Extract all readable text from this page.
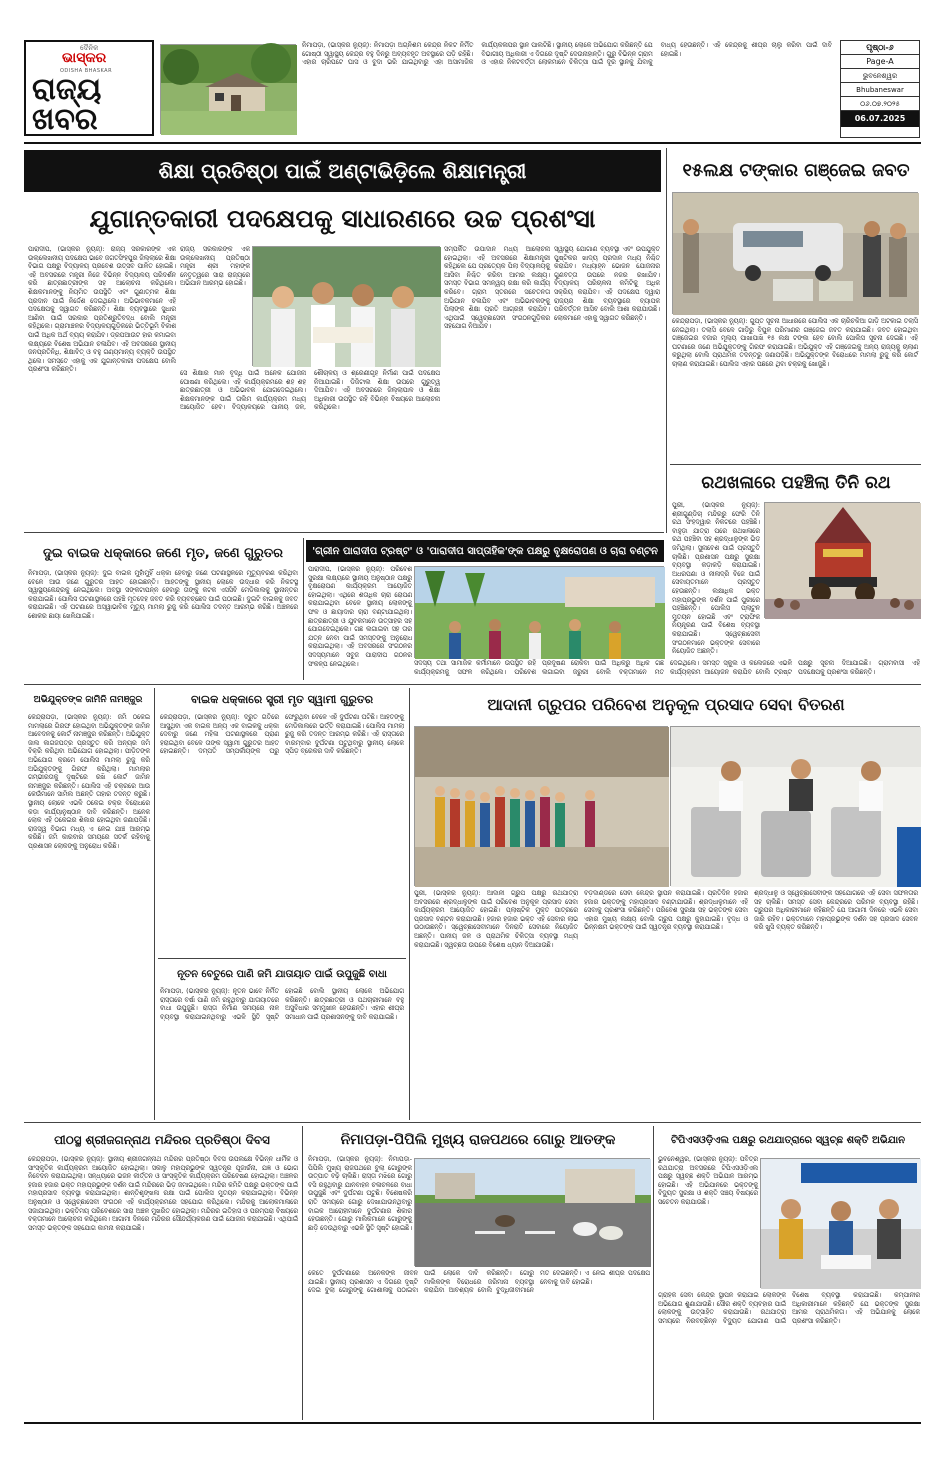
ଦୈନିକ
ଭାସ୍କର
ODISHA BHASKAR
ରାଜ୍ୟ
ଖବର
ନିମାପଡ଼ା, (ଭାସ୍କର ନ୍ୟୁଜ୍): ନିମାପଡ଼ା ଅଗ୍ନିଶମ କେନ୍ଦ୍ର ନିକଟ ନିର୍ମିତ ଗୋଷ୍ଠୀ ସ୍ୱାସ୍ଥ୍ୟ କେନ୍ଦ୍ର ବହୁ ଦିନରୁ ଅବ୍ୟବହୃତ ଅବସ୍ଥାରେ ପଡ଼ି ରହିଛି। ଏହାର ଚାରିପଟେ ଘାସ ଓ ବୁଦା ଭରି ଯାଇଥିବାରୁ ଏହା ଅସାମାଜିକ କାର୍ଯ୍ୟକଳାପର ସ୍ଥାନ ପାଲଟିଛି। ସ୍ଥାନୀୟ ଲୋକେ ଅଭିଯୋଗ କରିଛନ୍ତି ଯେ ବିଭାଗୀୟ ଅଧିକାରୀ ଏ ଦିଗରେ ଦୃଷ୍ଟି ଦେଉନାହାନ୍ତି। ଗୁରୁ ବିଭିନ୍ନ ଗ୍ରାମ ଓ ଏହାର ନିକଟବର୍ତ୍ତୀ ଲୋକମାନେ ଚିକିତ୍ସା ପାଇଁ ଦୂର ସ୍ଥାନକୁ ଯିବାକୁ ବାଧ୍ୟ ହେଉଛନ୍ତି। ଏହି କେନ୍ଦ୍ରକୁ ଶୀଘ୍ର ଚାଲୁ କରିବା ପାଇଁ ଦାବି ହୋଇଛି।
ପୃଷ୍ଠା-୬
Page-A
ଭୁବନେଶ୍ୱର
Bhubaneswar
୦୬.୦୭.୨୦୨୫
06.07.2025
ଶିକ୍ଷା ପ୍ରତିଷ୍ଠା ପାଇଁ ଅଣ୍ଟାଭିଡ଼ିଲେ ଶିକ୍ଷାମନ୍ତ୍ରୀ
ଯୁଗାନ୍ତକାରୀ ପଦକ୍ଷେପକୁ ସାଧାରଣରେ ଉଚ୍ଚ ପ୍ରଶଂସା
ପାରାଦୀପ, (ଭାସ୍କର ନ୍ୟୁଜ୍): ରାଜ୍ୟ ସରକାରଙ୍କ ଏକ ଉଲ୍ଲେଖନୀୟ ପଦକ୍ଷେପ ଭାବେ ଜଗତସିଂହପୁର ଜିଲ୍ଲାରେ ଶିକ୍ଷା ବିଭାଗ ପକ୍ଷରୁ ବିଦ୍ୟାଳୟ ପ୍ରବେଶ ଉତ୍ସବ ପାଳିତ ହୋଇଛି। ଏହି ଅବସରରେ ମନ୍ତ୍ରୀ ନିଜେ ବିଭିନ୍ନ ବିଦ୍ୟାଳୟ ପରିଦର୍ଶନ କରି ଛାତ୍ରଛାତ୍ରୀଙ୍କ ସହ ଆଲୋଚନା କରିଥିଲେ। ଶିକ୍ଷକମାନଙ୍କୁ ନିୟମିତ ଉପସ୍ଥିତି ଏବଂ ଗୁଣାତ୍ମକ ଶିକ୍ଷା ପ୍ରଦାନ ପାଇଁ ନିର୍ଦ୍ଦେଶ ଦେଇଥିଲେ। ଅଭିଭାବକମାନେ ଏହି ପଦକ୍ଷେପକୁ ସ୍ୱାଗତ କରିଛନ୍ତି। ଶିକ୍ଷା ବ୍ୟବସ୍ଥାରେ ସୁଧାର ଆଣିବା ପାଇଁ ସରକାର ପ୍ରତିଶ୍ରୁତିବଦ୍ଧ ବୋଲି ମନ୍ତ୍ରୀ କହିଥିଲେ। ଗ୍ରାମାଞ୍ଚଳର ବିଦ୍ୟାଳୟଗୁଡ଼ିକରେ ଭିତ୍ତିଭୂମି ବିକାଶ ପାଇଁ ଅଧିକ ଅର୍ଥ ବ୍ୟୟ କରାଯିବ। ଡ୍ରପଆଉଟ ହାର କମାଇବା ଲକ୍ଷ୍ୟରେ ବିଶେଷ ଅଭିଯାନ ଚଳାଯିବ। ଏହି ଅବସରରେ ସ୍ଥାନୀୟ ଜନପ୍ରତିନିଧି, ଶିକ୍ଷାବିତ୍ ଓ ବହୁ ଗଣ୍ୟମାନ୍ୟ ବ୍ୟକ୍ତି ଉପସ୍ଥିତ ଥିଲେ। ସମସ୍ତେ ଏହାକୁ ଏକ ଯୁଗାନ୍ତକାରୀ ପଦକ୍ଷେପ ବୋଲି ପ୍ରଶଂସା କରିଛନ୍ତି।
ରାଜ୍ୟ ସରକାରଙ୍କ ଏକ ଉଲ୍ଲେଖନୀୟ ପ୍ରତିଷ୍ଠା ମନ୍ତ୍ରୀ ଶ୍ରୀ ମହାଙ୍କ ନେତୃତ୍ୱରେ ସାରା ରାଜ୍ୟରେ ଅଭିଯାନ ଆରମ୍ଭ ହୋଇଛି।
ସେ ଶିକ୍ଷାର ମାନ ବୃଦ୍ଧି ପାଇଁ ଅନେକ ଯୋଜନା ଘୋଷଣା କରିଥିଲେ। ଏହି କାର୍ଯ୍ୟକ୍ରମରେ ଶହ ଶହ ଛାତ୍ରଛାତ୍ରୀ ଓ ଅଭିଭାବକ ଯୋଗଦେଇଥିଲେ। ଶିକ୍ଷକମାନଙ୍କ ପାଇଁ ତାଲିମ କାର୍ଯ୍ୟକ୍ରମ ମଧ୍ୟ ଆୟୋଜିତ ହେବ। ବିଦ୍ୟାଳୟରେ ପାନୀୟ ଜଳ, ଶୌଚାଳୟ ଓ ଶ୍ରେଣୀଗୃହ ନିର୍ମାଣ ପାଇଁ ପଦକ୍ଷେପ ନିଆଯାଇଛି। ଡିଜିଟାଲ ଶିକ୍ଷା ଉପରେ ଗୁରୁତ୍ୱ ଦିଆଯିବ। ଏହି ଅବସରରେ ଜିଲ୍ଲାପାଳ ଓ ଶିକ୍ଷା ଅଧିକାରୀ ଉପସ୍ଥିତ ରହି ବିଭିନ୍ନ ବିଷୟରେ ଆଲୋଚନା କରିଥିଲେ।
ସମ୍ପର୍କିତ ଉପାଦାନ ମଧ୍ୟ ଆଲୋଚନା ହୋଇଥିଲା। ଏହି ଅବସରରେ ଶିକ୍ଷାମନ୍ତ୍ରୀ କହିଥିଲେ ଯେ ପ୍ରତ୍ୟେକ ପିଲା ବିଦ୍ୟାଳୟକୁ ଆସିବା ନିଶ୍ଚିତ କରିବା ଆମର ଲକ୍ଷ୍ୟ। ସମସ୍ତ ବିଭାଗ ସମନ୍ୱୟ ରକ୍ଷା କରି କାର୍ଯ୍ୟ କରିବେ। ଗ୍ରାମ ସ୍ତରରେ ସଚେତନତା ଅଭିଯାନ ଚଳାଯିବ ଏବଂ ଅଭିଭାବକଙ୍କୁ ପିଲାଙ୍କ ଶିକ୍ଷା ପ୍ରତି ଆଗ୍ରହୀ କରାଯିବ। ଏଥିପାଇଁ ସ୍ୱେଚ୍ଛାସେବୀ ସଂଗଠନଗୁଡ଼ିକର ସହଯୋଗ ନିଆଯିବ।
ସ୍ୱାସ୍ଥ୍ୟ ଯୋଗାଣ ବ୍ୟବସ୍ଥା ଏବଂ ଉପଯୁକ୍ତ ପୁଷ୍ଟିକର ଖାଦ୍ୟ ପ୍ରଦାନ ମଧ୍ୟ ନିଶ୍ଚିତ କରାଯିବ। ମଧ୍ୟାହ୍ନ ଭୋଜନ ଯୋଜନାର ଗୁଣବତ୍ତା ଉପରେ ନଜର ରଖାଯିବ। ବିଦ୍ୟାଳୟ ପରିଚାଳନା କମିଟିକୁ ଅଧିକ ସକ୍ରିୟ କରାଯିବ। ଏହି ପଦକ୍ଷେପ ଦ୍ୱାରା ରାଜ୍ୟର ଶିକ୍ଷା ବ୍ୟବସ୍ଥାରେ ବ୍ୟାପକ ପରିବର୍ତ୍ତନ ଆସିବ ବୋଲି ଆଶା କରାଯାଉଛି। ଲୋକମାନେ ଏହାକୁ ସ୍ୱାଗତ କରିଛନ୍ତି।
୧୫ଲକ୍ଷ ଟଙ୍କାର ଗଞ୍ଜେଇ ଜବତ
କେନ୍ଦ୍ରାପଡ଼ା, (ଭାସ୍କର ନ୍ୟୁଜ୍): ଗୁପ୍ତ ସୂଚନା ଆଧାରରେ ପୋଲିସ ଏକ ଚାରିଚକିଆ ଗାଡ଼ି ଅଟକାଇ ତଲାସି ନେଇଥିଲା। ତଲାସି ବେଳେ ଗାଡ଼ିରୁ ବିପୁଳ ପରିମାଣର ଗଞ୍ଜେଇ ଜବତ କରାଯାଇଛି। ଜବତ ହୋଇଥିବା ଗଞ୍ଜେଇର ବଜାର ମୂଲ୍ୟ ପାଖାପାଖି ୧୫ ଲକ୍ଷ ଟଙ୍କା ହେବ ବୋଲି ପୋଲିସ ସୂଚନା ଦେଇଛି। ଏହି ଘଟଣାରେ ଜଣେ ଅଭିଯୁକ୍ତଙ୍କୁ ଗିରଫ କରାଯାଇଛି। ଅଭିଯୁକ୍ତ ଏହି ଗଞ୍ଜେଇକୁ ଅନ୍ୟ ରାଜ୍ୟକୁ ଚାଲାଣ କରୁଥିଲା ବୋଲି ପ୍ରାଥମିକ ତଦନ୍ତରୁ ଜଣାପଡ଼ିଛି। ଅଭିଯୁକ୍ତଙ୍କ ବିରୋଧରେ ମାମଲା ରୁଜୁ କରି କୋର୍ଟ ଚାଲାଣ କରାଯାଇଛି। ପୋଲିସ ଏହାର ପଛରେ ଥିବା ଚକ୍ରକୁ ଖୋଜୁଛି।
ରଥଖଳାରେ ପହଞ୍ଚିଲା ତିନି ରଥ
ପୁରୀ, (ଭାସ୍କର ନ୍ୟୁଜ୍): ଶ୍ରୀଗୁଣ୍ଡିଚା ମନ୍ଦିରରୁ ଫେରି ତିନି ରଥ ସିଂହଦ୍ୱାର ନିକଟରେ ପହଞ୍ଚିଛି। ବାହୁଡ଼ା ଯାତ୍ରା ପରେ ରଥଖଳାରେ ରଥ ପହଞ୍ଚିବା ସହ ଶ୍ରଦ୍ଧାଳୁଙ୍କ ଭିଡ଼ ଜମିଥିଲା। ସୁନାବେଶ ପାଇଁ ପ୍ରସ୍ତୁତି ଚାଲିଛି। ପ୍ରଶାସନ ପକ୍ଷରୁ ସୁରକ୍ଷା ବ୍ୟବସ୍ଥା କଡ଼ାକଡ଼ି କରାଯାଇଛି। ଅଧରପଣା ଓ ନୀଳାଦ୍ରି ବିଜେ ପାଇଁ ସେବାୟତମାନେ ପ୍ରସ୍ତୁତ ହେଉଛନ୍ତି। ଲକ୍ଷାଧିକ ଭକ୍ତ ମହାପ୍ରଭୁଙ୍କ ଦର୍ଶନ ପାଇଁ ପୁରୀରେ ପହଞ୍ଚିଛନ୍ତି। ପୋଲିସ ପ୍ଲାଟୁନ ମୁତୟନ ହୋଇଛି ଏବଂ ଟ୍ରାଫିକ ନିୟନ୍ତ୍ରଣ ପାଇଁ ବିଶେଷ ବ୍ୟବସ୍ଥା କରାଯାଇଛି। ସ୍ୱେଚ୍ଛାସେବୀ ସଂଗଠନମାନେ ଭକ୍ତଙ୍କ ସେବାରେ ନିୟୋଜିତ ଅଛନ୍ତି।
ଦୁଇ ବାଇକ ଧକ୍କାରେ ଜଣେ ମୃତ, ଜଣେ ଗୁରୁତର
ନିମାପଡ଼ା, (ଭାସ୍କର ନ୍ୟୁଜ୍): ଦୁଇ ବାଇକ ମୁହାଁମୁହିଁ ଧକ୍କା ହେବାରୁ ଜଣେ ଘଟଣାସ୍ଥଳରେ ମୃତ୍ୟୁବରଣ କରିଥିବା ବେଳେ ଆଉ ଜଣେ ଗୁରୁତର ଆହତ ହୋଇଛନ୍ତି। ଆହତଙ୍କୁ ସ୍ଥାନୀୟ ଲୋକେ ଉଦ୍ଧାର କରି ନିକଟସ୍ଥ ସ୍ୱାସ୍ଥ୍ୟକେନ୍ଦ୍ରକୁ ନେଇଥିଲେ। ଅବସ୍ଥା ସଙ୍କଟାପନ୍ନ ହେବାରୁ ତାଙ୍କୁ କଟକ ଏସସିବି ମେଡିକାଲକୁ ସ୍ଥାନାନ୍ତର କରାଯାଇଛି। ପୋଲିସ ଘଟଣାସ୍ଥଳରେ ପହଞ୍ଚି ମୃତଦେହ ଜବତ କରି ବ୍ୟବଚ୍ଛେଦ ପାଇଁ ପଠାଇଛି। ଦୁଇଟି ବାଇକକୁ ଜବତ କରାଯାଇଛି। ଏହି ଘଟଣାରେ ଅସ୍ୱାଭାବିକ ମୃତ୍ୟୁ ମାମଲା ରୁଜୁ କରି ପୋଲିସ ତଦନ୍ତ ଆରମ୍ଭ କରିଛି। ଅଞ୍ଚଳରେ ଶୋକର ଛାୟା ଖେଳିଯାଇଛି।
'ଗ୍ରୀନ ପାରାଦୀପ ଟ୍ରଷ୍ଟ' ଓ 'ପାରାଦୀପ ସାପ୍ତାହିକ'ଙ୍କ ପକ୍ଷରୁ ବୃକ୍ଷରୋପଣ ଓ ଚାରା ବଣ୍ଟନ
ପାରାଦୀପ, (ଭାସ୍କର ନ୍ୟୁଜ୍): ପରିବେଶ ସୁରକ୍ଷା ଲକ୍ଷ୍ୟରେ ସ୍ଥାନୀୟ ଅନୁଷ୍ଠାନ ପକ୍ଷରୁ ବୃକ୍ଷରୋପଣ କାର୍ଯ୍ୟକ୍ରମ ଆୟୋଜିତ ହୋଇଥିଲା। ଏଥିରେ ଶତାଧିକ ଚାରା ରୋପଣ କରାଯାଇଥିବା ବେଳେ ସ୍ଥାନୀୟ ଲୋକଙ୍କୁ ଫଳ ଓ ଛାୟାଦାର ଚାରା ବଣ୍ଟାଯାଇଥିଲା। ଛାତ୍ରଛାତ୍ରୀ ଓ ଯୁବକମାନେ ଉତ୍ସାହର ସହ ଯୋଗଦେଇଥିଲେ। ଗଛ ଲଗାଇବା ସହ ତାର ଯତ୍ନ ନେବା ପାଇଁ ସମସ୍ତଙ୍କୁ ଅନୁରୋଧ କରାଯାଇଥିଲା। ଏହି ଅବସରରେ ସଂଗଠନର ସଦସ୍ୟମାନେ ସବୁଜ ପାରାଦୀପ ଗଠନର ସଂକଳ୍ପ ନେଇଥିଲେ।	ସଦସ୍ୟ ତଥା ସାମାଜିକ କର୍ମୀମାନେ ଉପସ୍ଥିତ ରହି କାର୍ଯ୍ୟକ୍ରମକୁ ସଫଳ କରିଥିଲେ। ପରିବେଶ ପ୍ରଦୂଷଣ ରୋକିବା ପାଇଁ ଅଧିକରୁ ଅଧିକ ଗଛ ଲଗାଇବା ଜରୁରୀ ବୋଲି ବକ୍ତାମାନେ ମତ ଦେଇଥିଲେ। ସମସ୍ତ ସ୍କୁଲ ଓ କଲେଜରେ ଏଭଳି କାର୍ଯ୍ୟକ୍ରମ ଆୟୋଜନ କରାଯିବ ବୋଲି ଟ୍ରଷ୍ଟ ପକ୍ଷରୁ ସୂଚନା ଦିଆଯାଇଛି। ଗ୍ରାମବାସୀ ଏହି ପଦକ୍ଷେପକୁ ପ୍ରଶଂସା କରିଛନ୍ତି।
ଅଭିଯୁକ୍ତଙ୍କ ଜାମିନି ନାମଞ୍ଜୁର
କେନ୍ଦ୍ରାପଡ଼ା, (ଭାସ୍କର ନ୍ୟୁଜ୍): ଜମି ଠକେଇ ମାମଲାରେ ଗିରଫ ହୋଇଥିବା ଅଭିଯୁକ୍ତଙ୍କ ଜାମିନ ଆବେଦନକୁ କୋର୍ଟ ନାମଞ୍ଜୁର କରିଛନ୍ତି। ଅଭିଯୁକ୍ତ ଜାଲ କାଗଜପତ୍ର ପ୍ରସ୍ତୁତ କରି ଅନ୍ୟର ଜମି ବିକ୍ରି କରିଥିବା ଅଭିଯୋଗ ହୋଇଥିଲା। ପୀଡ଼ିତଙ୍କ ଅଭିଯୋଗ କ୍ରମେ ପୋଲିସ ମାମଲା ରୁଜୁ କରି ଅଭିଯୁକ୍ତଙ୍କୁ ଗିରଫ କରିଥିଲା। ମାମଲାର ଗମ୍ଭୀରତାକୁ ଦୃଷ୍ଟିରେ ରଖି କୋର୍ଟ ଜାମିନ ନାମଞ୍ଜୁର କରିଛନ୍ତି। ପୋଲିସ ଏହି ଚକ୍ରରେ ଆଉ କେଉଁମାନେ ସାମିଲ ଅଛନ୍ତି ତାହାର ତଦନ୍ତ କରୁଛି। ସ୍ଥାନୀୟ ଲୋକେ ଏଭଳି ଠକେଇ ଚକ୍ର ବିରୋଧରେ କଡ଼ା କାର୍ଯ୍ୟାନୁଷ୍ଠାନ ଦାବି କରିଛନ୍ତି। ଅନେକ ଲୋକ ଏହି ଠକେଇର ଶିକାର ହୋଇଥିବା ଜଣାପଡ଼ିଛି। ରାଜସ୍ୱ ବିଭାଗ ମଧ୍ୟ ଏ ନେଇ ଯାଞ୍ଚ ଆରମ୍ଭ କରିଛି। ଜମି କାରବାର ସମୟରେ ସତର୍କ ରହିବାକୁ ପ୍ରଶାସନ ଲୋକଙ୍କୁ ଅନୁରୋଧ କରିଛି।
ବାଇକ ଧକ୍କାରେ ସ୍ତ୍ରୀ ମୃତ ସ୍ୱାମୀ ଗୁରୁତର
କେନ୍ଦ୍ରାପଡ଼ା, (ଭାସ୍କର ନ୍ୟୁଜ୍): ଦ୍ରୁତ ଗତିରେ ଆସୁଥିବା ଏକ ବାଇକ ଅନ୍ୟ ଏକ ବାଇକକୁ ଧକ୍କା ଦେବାରୁ ଜଣେ ମହିଳା ଘଟଣାସ୍ଥଳରେ ପ୍ରାଣ ହରାଇଥିବା ବେଳେ ତାଙ୍କ ସ୍ୱାମୀ ଗୁରୁତର ଆହତ ହୋଇଛନ୍ତି। ଦମ୍ପତି ସମ୍ପର୍କୀୟଙ୍କ ଘରୁ ଫେରୁଥିବା ବେଳେ ଏହି ଦୁର୍ଘଟଣା ଘଟିଛି। ଆହତଙ୍କୁ ମେଡିକାଲରେ ଭର୍ତ୍ତି କରାଯାଇଛି। ପୋଲିସ ମାମଲା ରୁଜୁ କରି ତଦନ୍ତ ଆରମ୍ଭ କରିଛି। ଏହି ରାସ୍ତାରେ ବାରମ୍ବାର ଦୁର୍ଘଟଣା ଘଟୁଥିବାରୁ ସ୍ଥାନୀୟ ଲୋକେ ସ୍ପିଡ଼ ବ୍ରେକର ଦାବି କରିଛନ୍ତି।
ନୂତନ ବେତୁରେ ପାଣି ଜମି ଯାତାୟାତ ପାଇଁ ଉପୁଜୁଛି ବାଧା
ନିମାପଡ଼ା, (ଭାସ୍କର ନ୍ୟୁଜ୍): ନୂତନ ଭାବେ ନିର୍ମିତ ରାସ୍ତାରେ ବର୍ଷା ପାଣି ଜମି ରହୁଥିବାରୁ ଯାତାୟାତରେ ବାଧା ଉପୁଜୁଛି। ରାସ୍ତା ନିର୍ମାଣ ସମୟରେ ନାଳ ବ୍ୟବସ୍ଥା କରାଯାଇନଥିବାରୁ ଏଭଳି ସ୍ଥିତି ସୃଷ୍ଟି ହୋଇଛି ବୋଲି ସ୍ଥାନୀୟ ଲୋକେ ଅଭିଯୋଗ କରିଛନ୍ତି। ଛାତ୍ରଛାତ୍ରୀ ଓ ପଥଚାରୀମାନେ ବହୁ ଅସୁବିଧାର ସମ୍ମୁଖୀନ ହେଉଛନ୍ତି। ଏହାର ଶୀଘ୍ର ସମାଧାନ ପାଇଁ ପ୍ରଶାସନଙ୍କୁ ଦାବି କରାଯାଇଛି।
ଆଦାନୀ ଗ୍ରୁପର ପରିବେଶ ଅନୁକୂଳ ପ୍ରସାଦ ସେବା ବିତରଣ
ପୁରୀ, (ଭାସ୍କର ନ୍ୟୁଜ୍): ଆଦାନୀ ଗ୍ରୁପ ପକ୍ଷରୁ ରଥଯାତ୍ରା ଅବସରରେ ଶ୍ରଦ୍ଧାଳୁଙ୍କ ପାଇଁ ପରିବେଶ ଅନୁକୂଳ ପ୍ରସାଦ ସେବା କାର୍ଯ୍ୟକ୍ରମ ଆୟୋଜିତ ହୋଇଛି। ପ୍ଲାଷ୍ଟିକ ମୁକ୍ତ ପାତ୍ରରେ ପ୍ରସାଦ ବଣ୍ଟନ କରାଯାଉଛି। ହଜାର ହଜାର ଭକ୍ତ ଏହି ସେବାର ଲାଭ ଉଠାଉଛନ୍ତି। ସ୍ୱେଚ୍ଛାସେବୀମାନେ ଦିନରାତି ସେବାରେ ନିୟୋଜିତ ଅଛନ୍ତି। ପାନୀୟ ଜଳ ଓ ପ୍ରାଥମିକ ଚିକିତ୍ସା ବ୍ୟବସ୍ଥା ମଧ୍ୟ କରାଯାଇଛି। ସ୍ୱଚ୍ଛତା ଉପରେ ବିଶେଷ ଧ୍ୟାନ ଦିଆଯାଉଛି।
ବଡ଼ଦାଣ୍ଡରେ ସେବା କେନ୍ଦ୍ର ସ୍ଥାପନ କରାଯାଇଛି। ପ୍ରତିଦିନ ହଜାର ହଜାର ଭକ୍ତଙ୍କୁ ମହାପ୍ରସାଦ ବଣ୍ଟାଯାଉଛି। ଶ୍ରଦ୍ଧାଳୁମାନେ ଏହି ସେବାକୁ ପ୍ରଶଂସା କରିଛନ୍ତି। ପରିବେଶ ସୁରକ୍ଷା ସହ ଭକ୍ତଙ୍କ ସେବା ଏହାର ମୁଖ୍ୟ ଲକ୍ଷ୍ୟ ବୋଲି ଗ୍ରୁପ ପକ୍ଷରୁ କୁହାଯାଇଛି। ବୃଦ୍ଧ ଓ ଭିନ୍ନକ୍ଷମ ଭକ୍ତଙ୍କ ପାଇଁ ସ୍ୱତନ୍ତ୍ର ବ୍ୟବସ୍ଥା କରାଯାଇଛି।
ଶ୍ରଦ୍ଧାଳୁ ଓ ସ୍ୱେଚ୍ଛାସେବୀଙ୍କ ସହଯୋଗରେ ଏହି ସେବା ସଫଳତାର ସହ ଚାଲିଛି। ସମସ୍ତ ସେବା କେନ୍ଦ୍ରରେ ପରିମଳ ବ୍ୟବସ୍ଥା ରହିଛି। ଗ୍ରୁପର ଅଧିକାରୀମାନେ କହିଛନ୍ତି ଯେ ଆଗାମୀ ଦିନରେ ଏଭଳି ସେବା ଜାରି ରହିବ। ଭକ୍ତମାନେ ମହାପ୍ରଭୁଙ୍କ ଦର୍ଶନ ସହ ପ୍ରସାଦ ସେବନ କରି ଖୁସି ବ୍ୟକ୍ତ କରିଛନ୍ତି।
ପୀଠସ୍ଥ ଶ୍ରୀଜଗନ୍ନାଥ ମନ୍ଦିରର ପ୍ରତିଷ୍ଠା ଦିବସ
କେନ୍ଦ୍ରାପଡ଼ା, (ଭାସ୍କର ନ୍ୟୁଜ୍): ସ୍ଥାନୀୟ ଶ୍ରୀଜଗନ୍ନାଥ ମନ୍ଦିରର ପ୍ରତିଷ୍ଠା ଦିବସ ଉପଲକ୍ଷେ ବିଭିନ୍ନ ଧାର୍ମିକ ଓ ସାଂସ୍କୃତିକ କାର୍ଯ୍ୟକ୍ରମ ଆୟୋଜିତ ହୋଇଥିଲା। ସକାଳୁ ମହାପ୍ରଭୁଙ୍କ ସ୍ୱତନ୍ତ୍ର ପୂଜାର୍ଚ୍ଚନା, ଯଜ୍ଞ ଓ ଭୋଗ ନିବେଦନ କରାଯାଇଥିଲା। ସନ୍ଧ୍ୟାରେ ଭଜନ କୀର୍ତ୍ତନ ଓ ସାଂସ୍କୃତିକ କାର୍ଯ୍ୟକ୍ରମ ପରିବେଷଣ ହୋଇଥିଲା। ଅଞ୍ଚଳର ହଜାର ହଜାର ଭକ୍ତ ମହାପ୍ରଭୁଙ୍କ ଦର୍ଶନ ପାଇଁ ମନ୍ଦିରରେ ଭିଡ଼ ଜମାଇଥିଲେ। ମନ୍ଦିର କମିଟି ପକ୍ଷରୁ ଭକ୍ତଙ୍କ ପାଇଁ ମହାପ୍ରସାଦ ବ୍ୟବସ୍ଥା କରାଯାଇଥିଲା। ଶାନ୍ତିଶୃଙ୍ଖଳା ରକ୍ଷା ପାଇଁ ପୋଲିସ ମୁତୟନ କରାଯାଇଥିଲା। ବିଭିନ୍ନ ଅନୁଷ୍ଠାନ ଓ ସ୍ୱେଚ୍ଛାସେବୀ ସଂଗଠନ ଏହି କାର୍ଯ୍ୟକ୍ରମରେ ସହଯୋଗ କରିଥିଲେ। ମନ୍ଦିରକୁ ଆଲୋକମାଳାରେ ସଜାଯାଇଥିଲା। ଭକ୍ତିମୟ ପରିବେଶରେ ସାରା ଅଞ୍ଚଳ ମୁଖରିତ ହୋଇଥିଲା। ମନ୍ଦିରର ଇତିହାସ ଓ ପରମ୍ପରା ବିଷୟରେ ବକ୍ତାମାନେ ଆଲୋଚନା କରିଥିଲେ। ଆଗାମୀ ଦିନରେ ମନ୍ଦିରର ସୌନ୍ଦର୍ଯ୍ୟକରଣ ପାଇଁ ଯୋଜନା କରାଯାଇଛି। ଏଥିପାଇଁ ସମସ୍ତ ଭକ୍ତଙ୍କ ସହଯୋଗ କାମନା କରାଯାଇଛି।
ନିମାପଡ଼ା-ପିପିଲି ମୁଖ୍ୟ ରାଜପଥରେ ଗୋରୁ ଆତଙ୍କ
ନିମାପଡ଼ା, (ଭାସ୍କର ନ୍ୟୁଜ୍): ନିମାପଡ଼ା-ପିପିଲି ମୁଖ୍ୟ ରାଜପଥରେ ବୁଲା ଗୋରୁଙ୍କ ଉତ୍ପାତ ବଢ଼ି ଚାଲିଛି। ରାସ୍ତା ମଝିରେ ଗୋରୁ ବସି ରହୁଥିବାରୁ ଯାନବାହନ ଚଳାଚଳରେ ବାଧା ଉପୁଜୁଛି ଏବଂ ଦୁର୍ଘଟଣା ଘଟୁଛି। ବିଶେଷକରି ରାତି ସମୟରେ ଗୋରୁ ଦେଖାଯାଉନଥିବାରୁ ବାଇକ ଆରୋହୀମାନେ ଦୁର୍ଘଟଣାର ଶିକାର ହେଉଛନ୍ତି। ଗୋରୁ ମାଲିକମାନେ ଗୋରୁଙ୍କୁ ଛାଡ଼ି ଦେଉଥିବାରୁ ଏଭଳି ସ୍ଥିତି ସୃଷ୍ଟି ହୋଇଛି।
କେତେ ଦୁର୍ଘଟଣାରେ ଅନେକଙ୍କ ଜୀବନ ଯାଇଛି। ସ୍ଥାନୀୟ ପ୍ରଶାସନ ଏ ଦିଗରେ ଦୃଷ୍ଟି ଦେଇ ବୁଲା ଗୋରୁଙ୍କୁ ଗୋଶାଳାକୁ ପଠାଇବା ପାଇଁ ଲୋକେ ଦାବି କରିଛନ୍ତି। ଗୋରୁ ମାଲିକଙ୍କ ବିରୋଧରେ ଜରିମାନା ବ୍ୟବସ୍ଥା କରାଯିବା ଆବଶ୍ୟକ ବୋଲି ବୁଦ୍ଧିଜୀବୀମାନେ ମତ ଦେଇଛନ୍ତି। ଏ ନେଇ ଶୀଘ୍ର ପଦକ୍ଷେପ ନେବାକୁ ଦାବି ହୋଇଛି।
ଟିପିଏସଓଡ଼ିଏଲ ପକ୍ଷରୁ ରଥଯାତ୍ରାରେ ସ୍ୱଚ୍ଛ ଶକ୍ତି ଅଭିଯାନ
ଭୁବନେଶ୍ୱର, (ଭାସ୍କର ନ୍ୟୁଜ୍): ପବିତ୍ର ରଥଯାତ୍ରା ଅବସରରେ ଟିପିଏସଓଡ଼ିଏଲ ପକ୍ଷରୁ ସ୍ୱଚ୍ଛ ଶକ୍ତି ଅଭିଯାନ ଆରମ୍ଭ ହୋଇଛି। ଏହି ଅଭିଯାନରେ ଭକ୍ତଙ୍କୁ ବିଦ୍ୟୁତ ସୁରକ୍ଷା ଓ ଶକ୍ତି ସଞ୍ଚୟ ବିଷୟରେ ସଚେତନ କରାଯାଉଛି।
ଗ୍ରାହକ ସେବା କେନ୍ଦ୍ର ସ୍ଥାପନ କରାଯାଇ ଲୋକଙ୍କ ଅଭିଯୋଗ ଶୁଣାଯାଉଛି। ସୌର ଶକ୍ତି ବ୍ୟବହାର ପାଇଁ ଲୋକଙ୍କୁ ଉତ୍ସାହିତ କରାଯାଉଛି। ରଥଯାତ୍ରା ସମୟରେ ନିରବଚ୍ଛିନ୍ନ ବିଦ୍ୟୁତ ଯୋଗାଣ ପାଇଁ ବିଶେଷ ବ୍ୟବସ୍ଥା କରାଯାଇଛି। କମ୍ପାନୀର ଅଧିକାରୀମାନେ କହିଛନ୍ତି ଯେ ଭକ୍ତଙ୍କ ସୁରକ୍ଷା ଆମର ପ୍ରାଥମିକତା। ଏହି ଅଭିଯାନକୁ ଲୋକେ ପ୍ରଶଂସା କରିଛନ୍ତି।
